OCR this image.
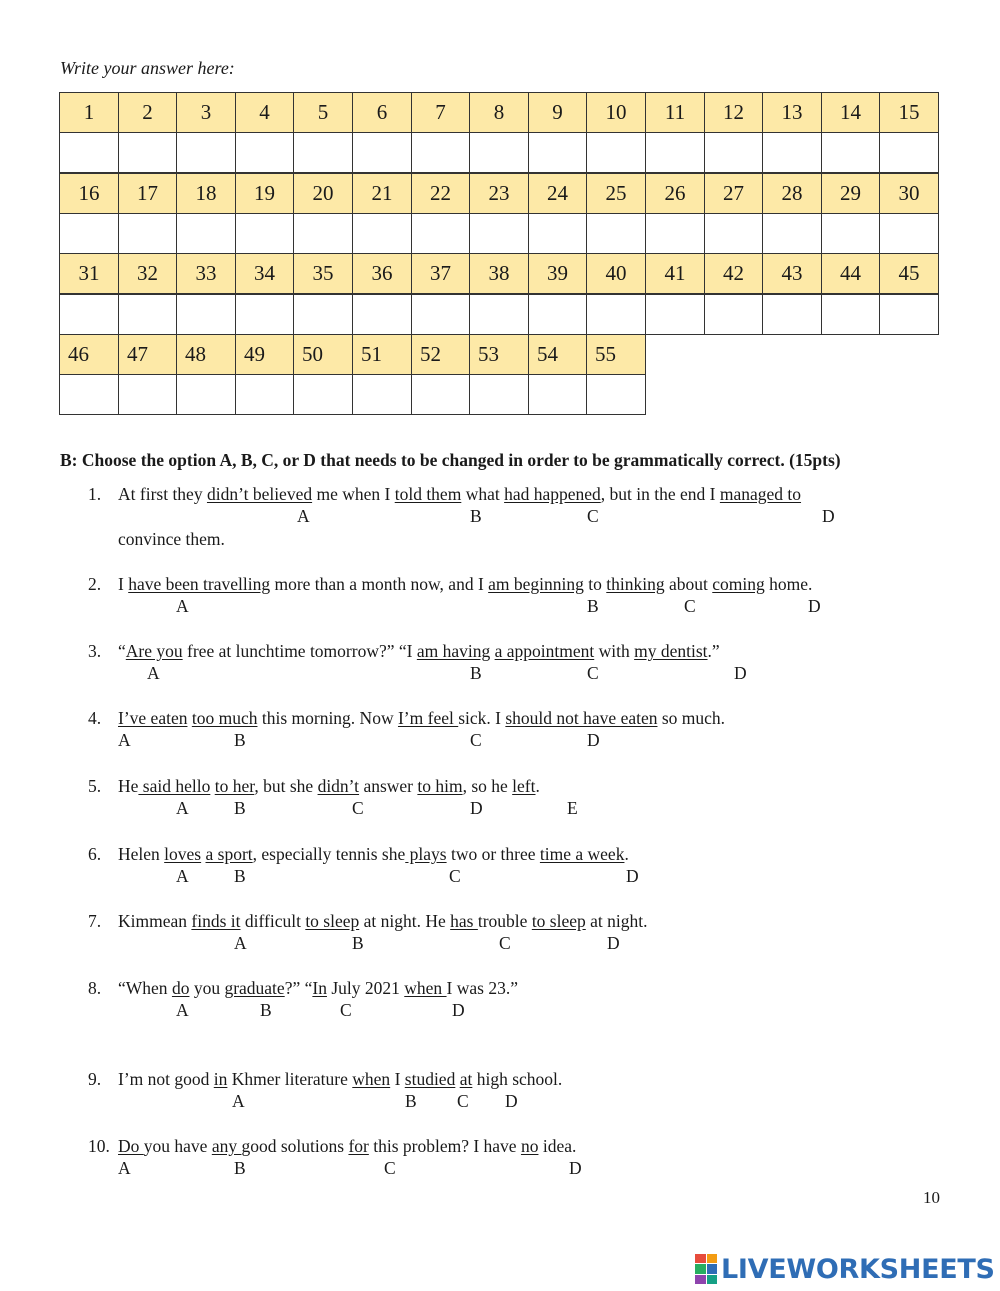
Write your answer here:
1	2	3	4	5	6	7	8	9	10	11	12	13	14	15
16	17	18	19	20	21	22	23	24	25	26	27	28	29	30
31	32	33	34	35	36	37	38	39	40	41	42	43	44	45
46	47	48	49	50	51	52	53	54	55
B: Choose the option A, B, C, or D that needs to be changed in order to be grammatically correct. (15pts)
1. At first they didn’t believed me when I told them what had happened, but in the end I managed to
A	B	C	D
convince them.
2. I have been travelling more than a month now, and I am beginning to thinking about coming home.
A	B	C	D
3. “Are you free at lunchtime tomorrow?” “I am having a appointment with my dentist.”
A	B	C	D
4. I’ve eaten too much this morning. Now I’m feel sick. I should not have eaten so much.
A	B	C	D
5. He said hello to her, but she didn’t answer to him, so he left.
A	B	C	D	E
6. Helen loves a sport, especially tennis she plays two or three time a week.
A	B	C	D
7. Kimmean finds it difficult to sleep at night. He has trouble to sleep at night.
A	B	C	D
8. “When do you graduate?” “In July 2021 when I was 23.”
A	B	C	D
9. I’m not good in Khmer literature when I studied at high school.
A	B C D
10. Do you have any good solutions for this problem? I have no idea.
A	B	C	D
10
LIVEWORKSHEETS
